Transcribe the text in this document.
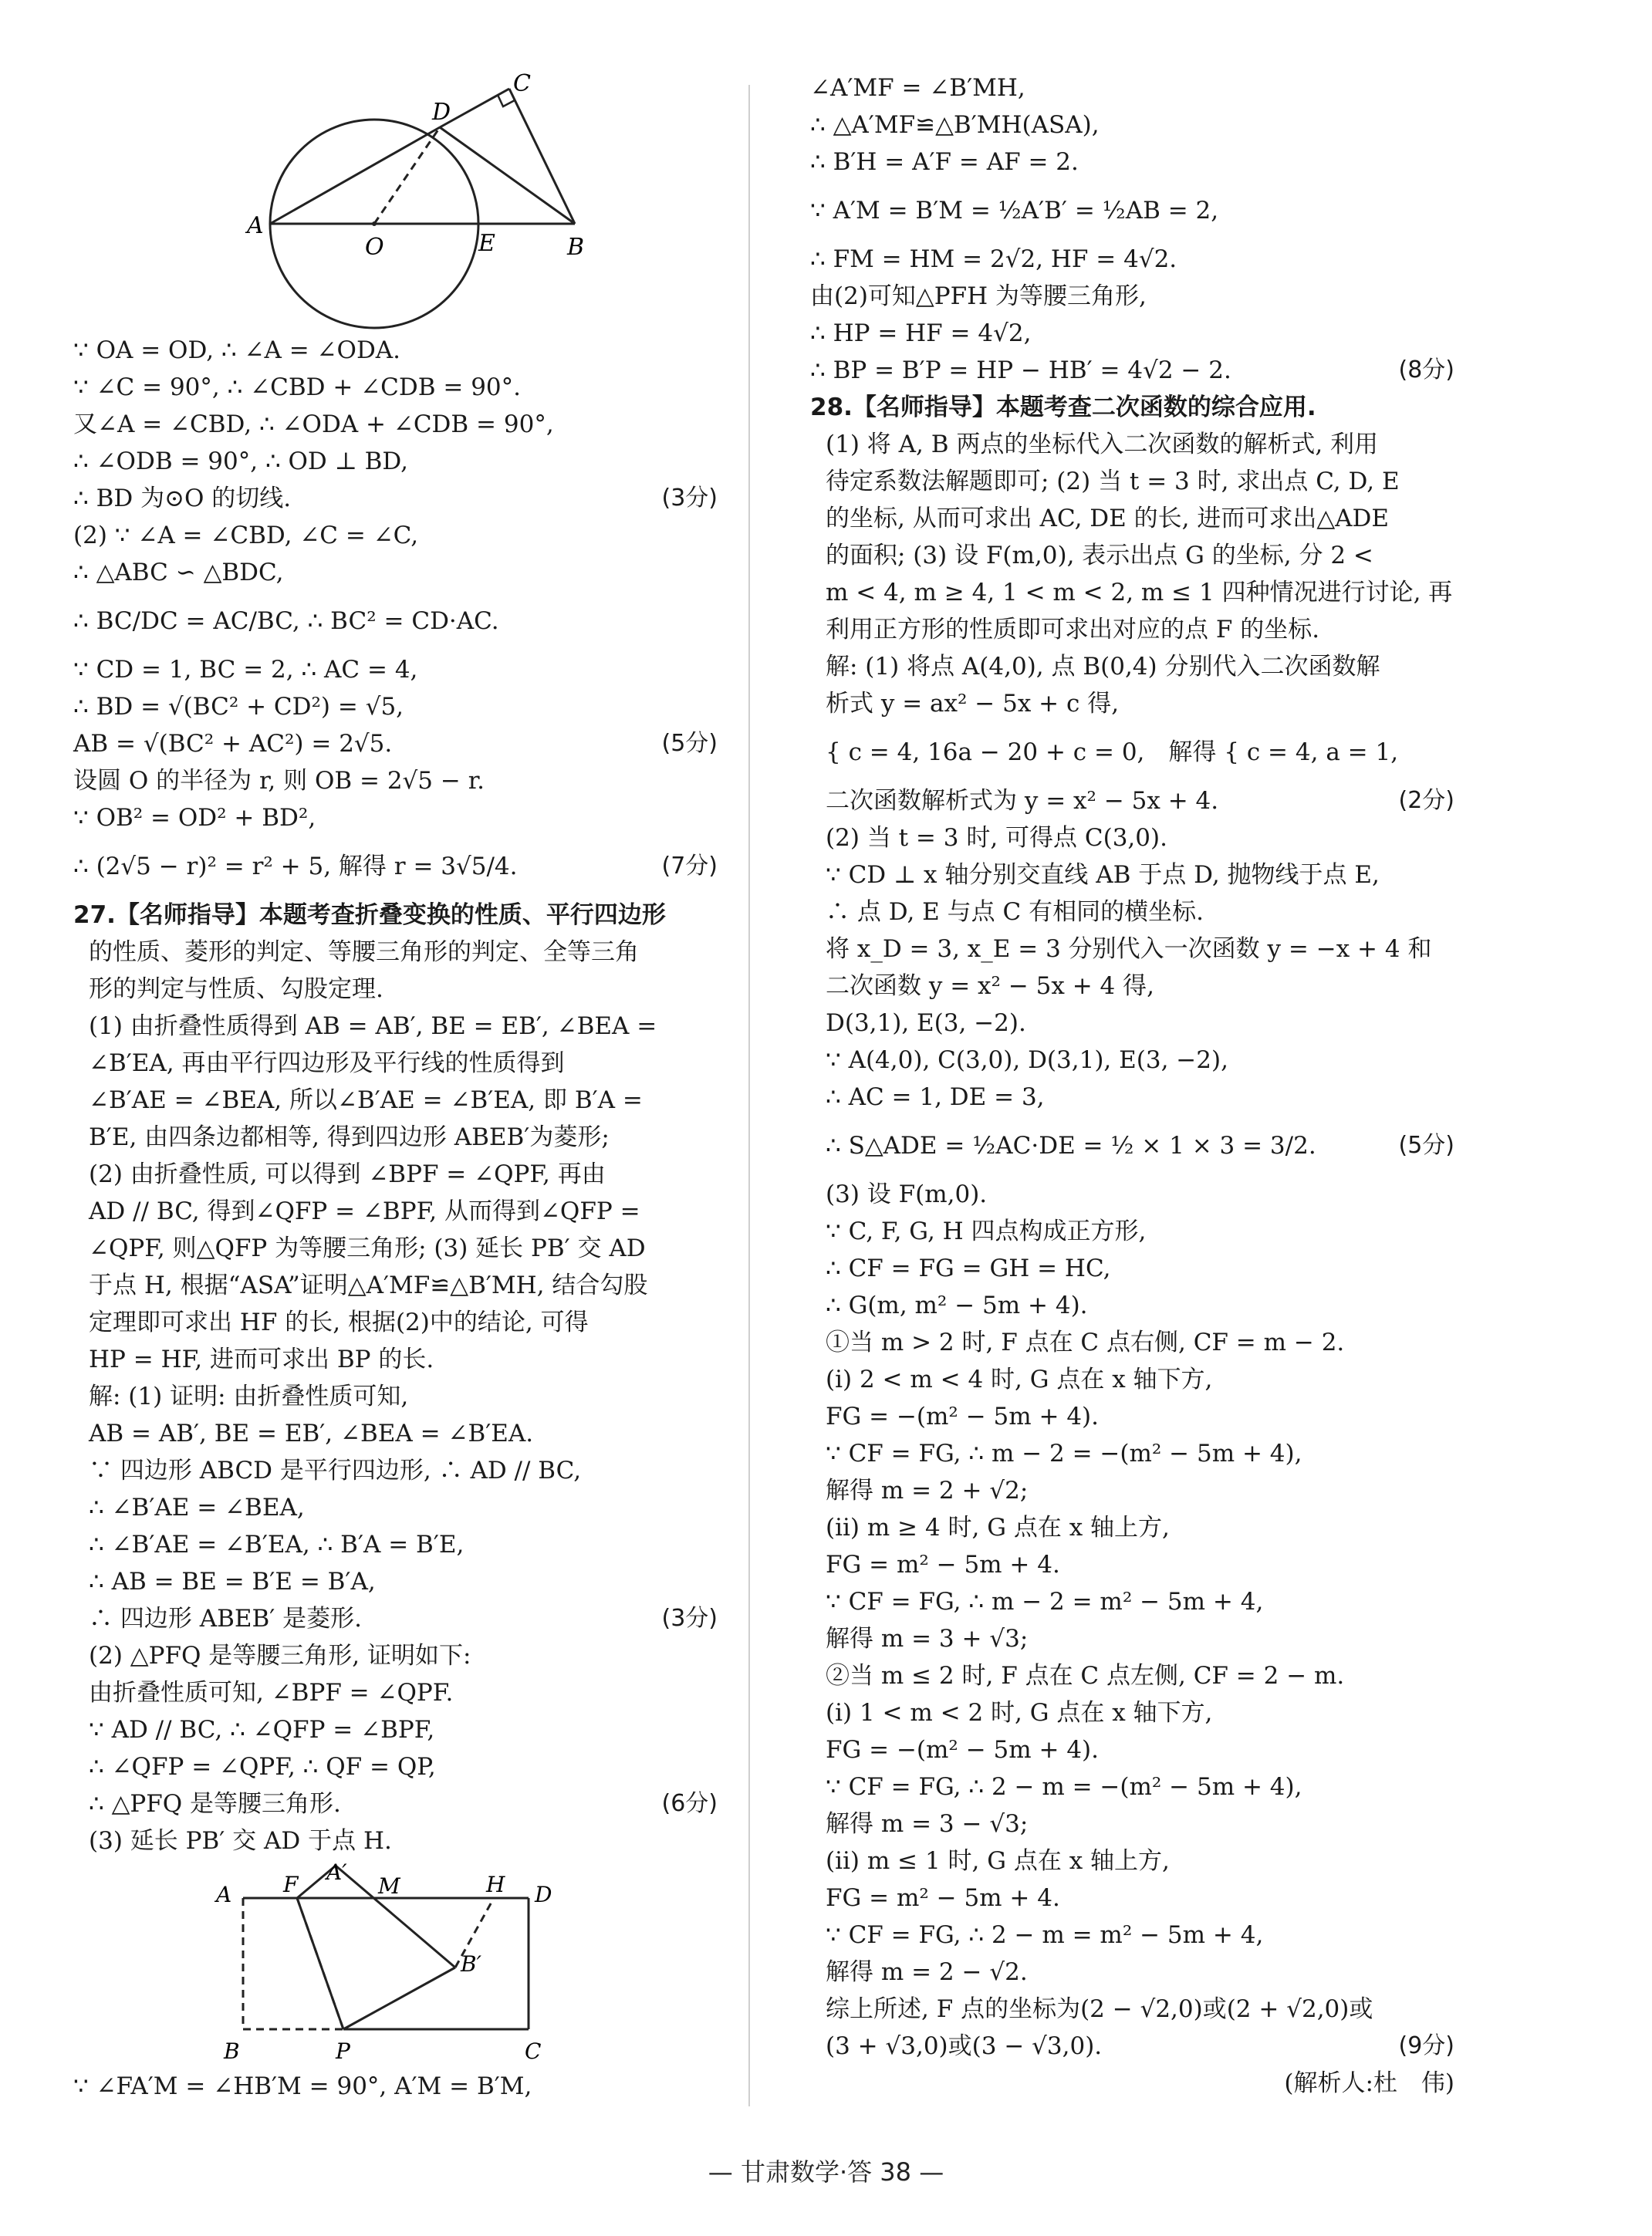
A
O	E	B
D
C
∵ OA = OD, ∴ ∠A = ∠ODA.
∵ ∠C = 90°, ∴ ∠CBD + ∠CDB = 90°.
又∠A = ∠CBD, ∴ ∠ODA + ∠CDB = 90°,
∴ ∠ODB = 90°, ∴ OD ⊥ BD,
∴ BD 为⊙O 的切线.	(3分)
(2) ∵ ∠A = ∠CBD, ∠C = ∠C,
∴ △ABC ∽ △BDC,
∴ BC/DC = AC/BC, ∴ BC² = CD·AC.
∵ CD = 1, BC = 2, ∴ AC = 4,
∴ BD = √(BC² + CD²) = √5,
AB = √(BC² + AC²) = 2√5.	(5分)
设圆 O 的半径为 r, 则 OB = 2√5 − r.
∵ OB² = OD² + BD²,
∴ (2√5 − r)² = r² + 5, 解得 r = 3√5/4.	(7分)
27.【名师指导】本题考查折叠变换的性质、平行四边形
的性质、菱形的判定、等腰三角形的判定、全等三角
形的判定与性质、勾股定理.
(1) 由折叠性质得到 AB = AB′, BE = EB′, ∠BEA =
∠B′EA, 再由平行四边形及平行线的性质得到
∠B′AE = ∠BEA, 所以∠B′AE = ∠B′EA, 即 B′A =
B′E, 由四条边都相等, 得到四边形 ABEB′为菱形;
(2) 由折叠性质, 可以得到 ∠BPF = ∠QPF, 再由
AD // BC, 得到∠QFP = ∠BPF, 从而得到∠QFP =
∠QPF, 则△QFP 为等腰三角形; (3) 延长 PB′ 交 AD
于点 H, 根据“ASA”证明△A′MF≌△B′MH, 结合勾股
定理即可求出 HF 的长, 根据(2)中的结论, 可得
HP = HF, 进而可求出 BP 的长.
解: (1) 证明: 由折叠性质可知,
AB = AB′, BE = EB′, ∠BEA = ∠B′EA.
∵ 四边形 ABCD 是平行四边形, ∴ AD // BC,
∴ ∠B′AE = ∠BEA,
∴ ∠B′AE = ∠B′EA, ∴ B′A = B′E,
∴ AB = BE = B′E = B′A,
∴ 四边形 ABEB′ 是菱形.	(3分)
(2) △PFQ 是等腰三角形, 证明如下:
由折叠性质可知, ∠BPF = ∠QPF.
∵ AD // BC, ∴ ∠QFP = ∠BPF,
∴ ∠QFP = ∠QPF, ∴ QF = QP,
∴ △PFQ 是等腰三角形.	(6分)
(3) 延长 PB′ 交 AD 于点 H.
A F A′
M	H D
B′
B	P	C
∵ ∠FA′M = ∠HB′M = 90°, A′M = B′M,
∠A′MF = ∠B′MH,
∴ △A′MF≌△B′MH(ASA),
∴ B′H = A′F = AF = 2.
∵ A′M = B′M = ½A′B′ = ½AB = 2,
∴ FM = HM = 2√2, HF = 4√2.
由(2)可知△PFH 为等腰三角形,
∴ HP = HF = 4√2,
∴ BP = B′P = HP − HB′ = 4√2 − 2.	(8分)
28.【名师指导】本题考查二次函数的综合应用.
(1) 将 A, B 两点的坐标代入二次函数的解析式, 利用
待定系数法解题即可; (2) 当 t = 3 时, 求出点 C, D, E
的坐标, 从而可求出 AC, DE 的长, 进而可求出△ADE
的面积; (3) 设 F(m,0), 表示出点 G 的坐标, 分 2 <
m < 4, m ≥ 4, 1 < m < 2, m ≤ 1 四种情况进行讨论, 再
利用正方形的性质即可求出对应的点 F 的坐标.
解: (1) 将点 A(4,0), 点 B(0,4) 分别代入二次函数解
析式 y = ax² − 5x + c 得,
{ c = 4, 16a − 20 + c = 0,　解得 { c = 4, a = 1,
二次函数解析式为 y = x² − 5x + 4.	(2分)
(2) 当 t = 3 时, 可得点 C(3,0).
∵ CD ⊥ x 轴分别交直线 AB 于点 D, 抛物线于点 E,
∴ 点 D, E 与点 C 有相同的横坐标.
将 x_D = 3, x_E = 3 分别代入一次函数 y = −x + 4 和
二次函数 y = x² − 5x + 4 得,
D(3,1), E(3, −2).
∵ A(4,0), C(3,0), D(3,1), E(3, −2),
∴ AC = 1, DE = 3,
∴ S△ADE = ½AC·DE = ½ × 1 × 3 = 3/2.	(5分)
(3) 设 F(m,0).
∵ C, F, G, H 四点构成正方形,
∴ CF = FG = GH = HC,
∴ G(m, m² − 5m + 4).
①当 m > 2 时, F 点在 C 点右侧, CF = m − 2.
(ⅰ) 2 < m < 4 时, G 点在 x 轴下方,
FG = −(m² − 5m + 4).
∵ CF = FG, ∴ m − 2 = −(m² − 5m + 4),
解得 m = 2 + √2;
(ⅱ) m ≥ 4 时, G 点在 x 轴上方,
FG = m² − 5m + 4.
∵ CF = FG, ∴ m − 2 = m² − 5m + 4,
解得 m = 3 + √3;
②当 m ≤ 2 时, F 点在 C 点左侧, CF = 2 − m.
(ⅰ) 1 < m < 2 时, G 点在 x 轴下方,
FG = −(m² − 5m + 4).
∵ CF = FG, ∴ 2 − m = −(m² − 5m + 4),
解得 m = 3 − √3;
(ⅱ) m ≤ 1 时, G 点在 x 轴上方,
FG = m² − 5m + 4.
∵ CF = FG, ∴ 2 − m = m² − 5m + 4,
解得 m = 2 − √2.
综上所述, F 点的坐标为(2 − √2,0)或(2 + √2,0)或
(3 + √3,0)或(3 − √3,0).	(9分)
(解析人:杜　伟)
— 甘肃数学·答 38 —
